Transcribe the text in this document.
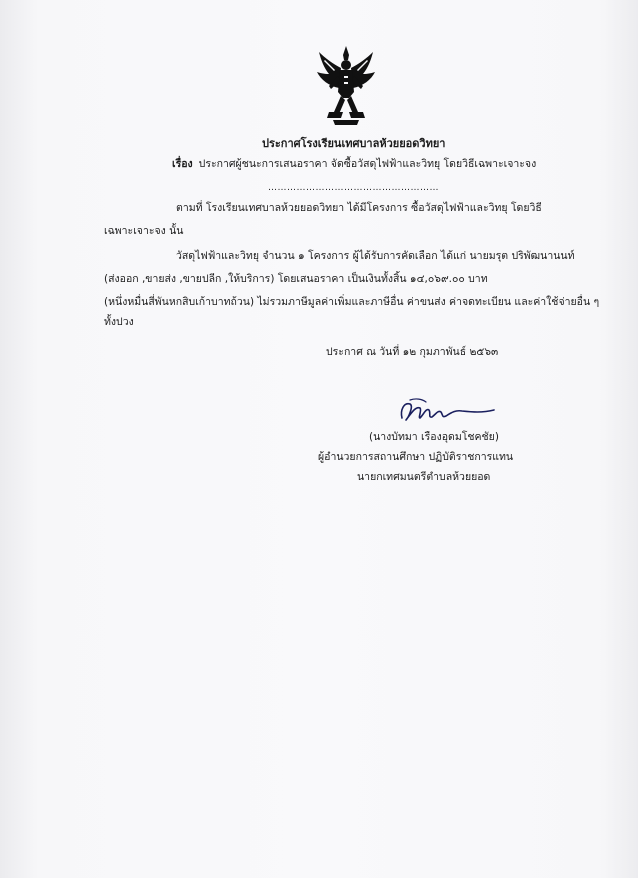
ประกาศโรงเรียนเทศบาลห้วยยอดวิทยา
เรื่อง ประกาศผู้ชนะการเสนอราคา จัดซื้อวัสดุไฟฟ้าและวิทยุ โดยวิธีเฉพาะเจาะจง
………………………………………………
ตามที่ โรงเรียนเทศบาลห้วยยอดวิทยา ได้มีโครงการ ซื้อวัสดุไฟฟ้าและวิทยุ โดยวิธี
เฉพาะเจาะจง นั้น
วัสดุไฟฟ้าและวิทยุ จำนวน ๑ โครงการ ผู้ได้รับการคัดเลือก ได้แก่ นายมรุต ปริพัฒนานนท์
(ส่งออก ,ขายส่ง ,ขายปลีก ,ให้บริการ) โดยเสนอราคา เป็นเงินทั้งสิ้น ๑๔,๐๖๙.๐๐ บาท
(หนึ่งหมื่นสี่พันหกสิบเก้าบาทถ้วน) ไม่รวมภาษีมูลค่าเพิ่มและภาษีอื่น ค่าขนส่ง ค่าจดทะเบียน และค่าใช้จ่ายอื่น ๆ
ทั้งปวง
ประกาศ ณ วันที่ ๑๒ กุมภาพันธ์ ๒๕๖๓
(นางบัทมา เรืองอุดมโชคชัย)
ผู้อำนวยการสถานศึกษา ปฏิบัติราชการแทน
นายกเทศมนตรีตำบลห้วยยอด
